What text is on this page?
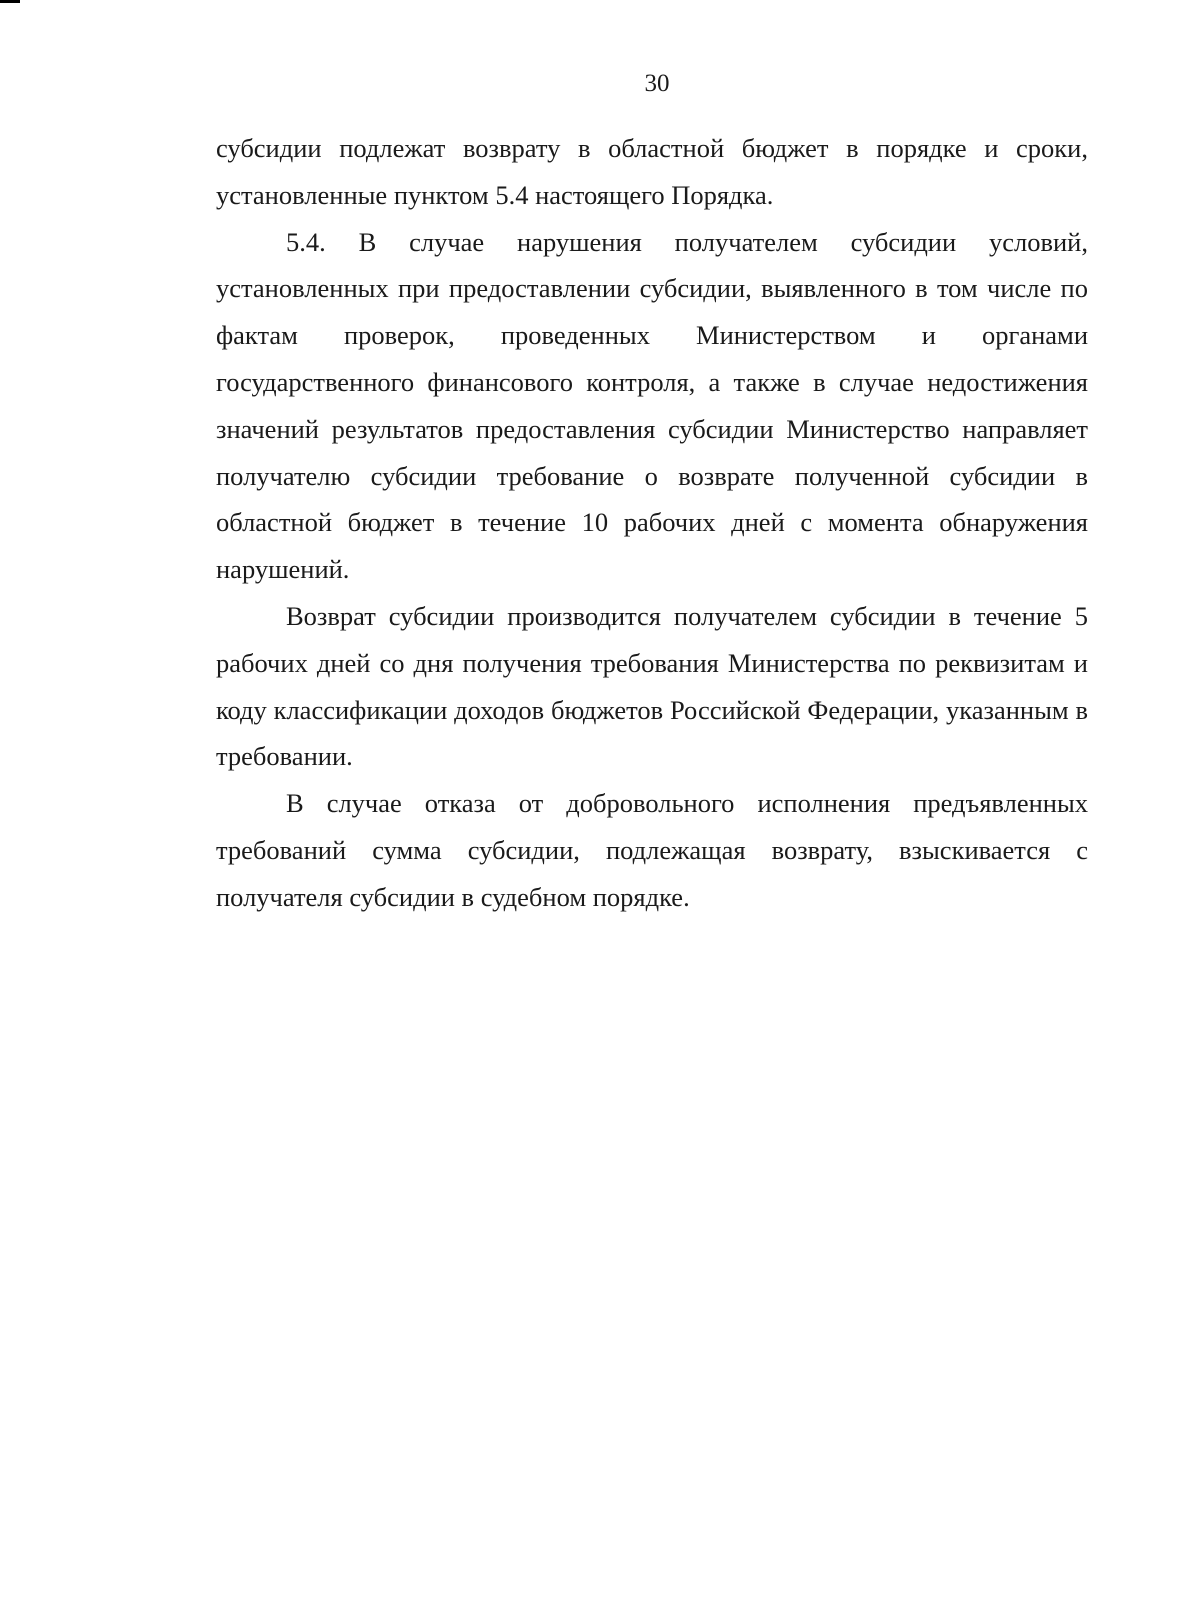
30

субсидии подлежат возврату в областной бюджет в порядке и сроки, установленные пунктом 5.4 настоящего Порядка.

5.4. В случае нарушения получателем субсидии условий, установленных при предоставлении субсидии, выявленного в том числе по фактам проверок, проведенных Министерством и органами государственного финансового контроля, а также в случае недостижения значений результатов предоставления субсидии Министерство направляет получателю субсидии требование о возврате полученной субсидии в областной бюджет в течение 10 рабочих дней с момента обнаружения нарушений.

Возврат субсидии производится получателем субсидии в течение 5 рабочих дней со дня получения требования Министерства по реквизитам и коду классификации доходов бюджетов Российской Федерации, указанным в требовании.

В случае отказа от добровольного исполнения предъявленных требований сумма субсидии, подлежащая возврату, взыскивается с получателя субсидии в судебном порядке.
